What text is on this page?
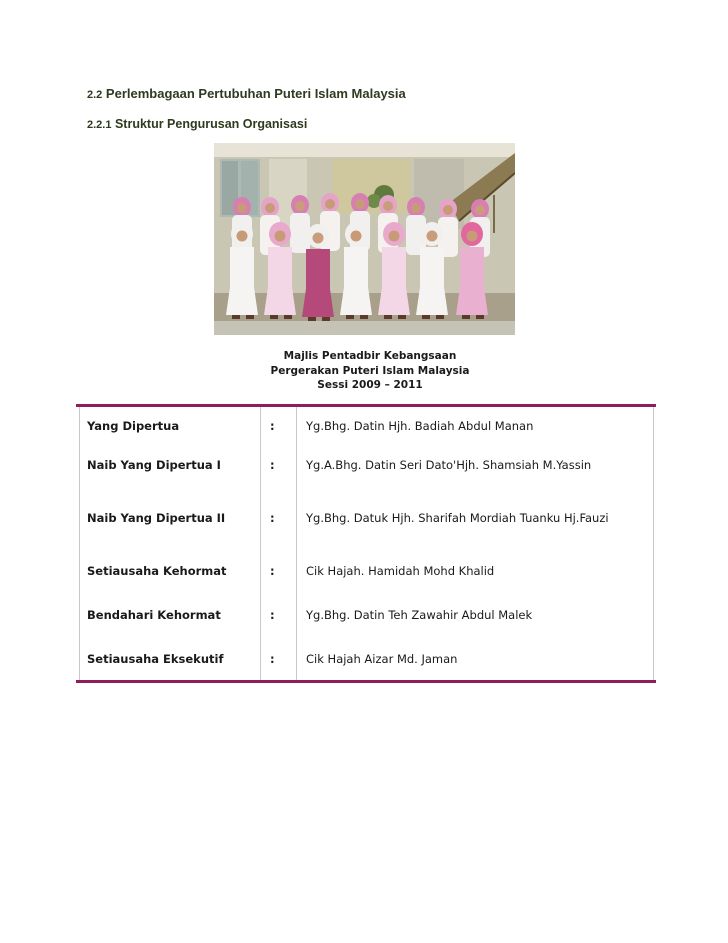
2.2 Perlembagaan Pertubuhan Puteri Islam Malaysia
2.2.1 Struktur Pengurusan Organisasi
Majlis Pentadbir Kebangsaan
Pergerakan Puteri Islam Malaysia
Sessi 2009 – 2011
Yang Dipertua	:	Yg.Bhg. Datin Hjh. Badiah Abdul Manan
Naib Yang Dipertua I	:	Yg.A.Bhg. Datin Seri Dato'Hjh. Shamsiah M.Yassin
Naib Yang Dipertua II	:	Yg.Bhg. Datuk Hjh. Sharifah Mordiah Tuanku Hj.Fauzi
Setiausaha Kehormat	:	Cik Hajah. Hamidah Mohd Khalid
Bendahari Kehormat	:	Yg.Bhg. Datin Teh Zawahir Abdul Malek
Setiausaha Eksekutif	:	Cik Hajah Aizar Md. Jaman
